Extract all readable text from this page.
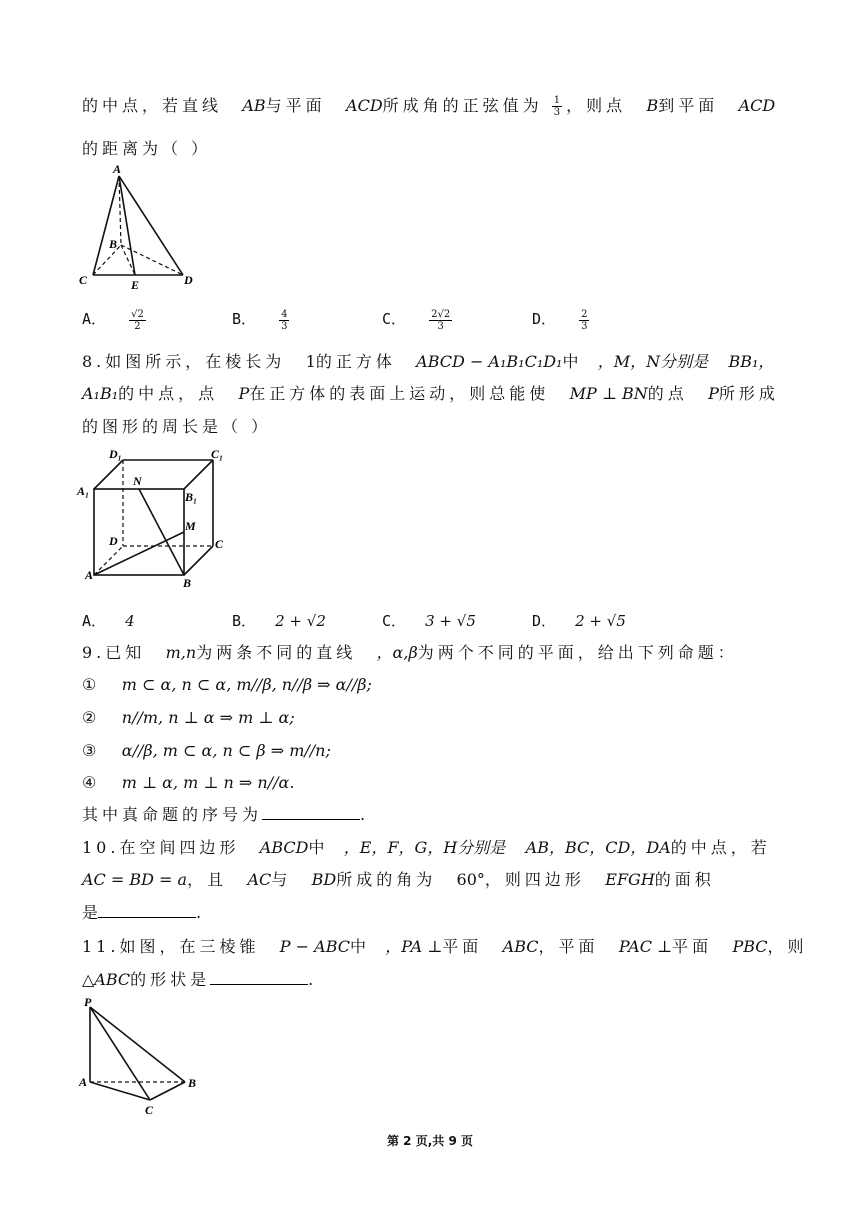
的中点，若直线 AB与平面 ACD所成角的正弦值为 $\frac{1}{3}$ ，则点 B到平面 ACD
的距离为（ ）
A
B
C	E	D
A． $\frac{√2}{2}$	B． $\frac{4}{3}$	C． $\frac{2√2}{3}$	D． $\frac{2}{3}$
8.如图所示，在棱长为 1的正方体 ABCD − A₁B₁C₁D₁中 ，M，N分别是 BB₁，
A₁B₁的中点，点 P在正方体的表面上运动，则总能使 MP ⊥ BN的点 P所形成
的图形的周长是（ ）
D₁	C₁
A₁
N
B₁
M
D	C
A
B
A． 4	B． 2 + √2	C． 3 + √5	D． 2 + √5
9.已知 m,n为两条不同的直线 ，α,β为两个不同的平面，给出下列命题：
① m ⊂ α, n ⊂ α, m//β, n//β ⇒ α//β;
② n//m, n ⊥ α ⇒ m ⊥ α;
③ α//β, m ⊂ α, n ⊂ β ⇒ m//n;
④ m ⊥ α, m ⊥ n ⇒ n//α.
其中真命题的序号为	.
10.在空间四边形 ABCD中 ，E，F，G，H分别是 AB，BC，CD，DA的中点，若
AC = BD = a，且 AC与 BD所成的角为 60°，则四边形 EFGH的面积
是	.
11.如图，在三棱锥 P − ABC中 ，PA ⊥平面 ABC，平面 PAC ⊥平面 PBC，则
△ABC的形状是	.
P
A	B
C
第 2 页,共 9 页
